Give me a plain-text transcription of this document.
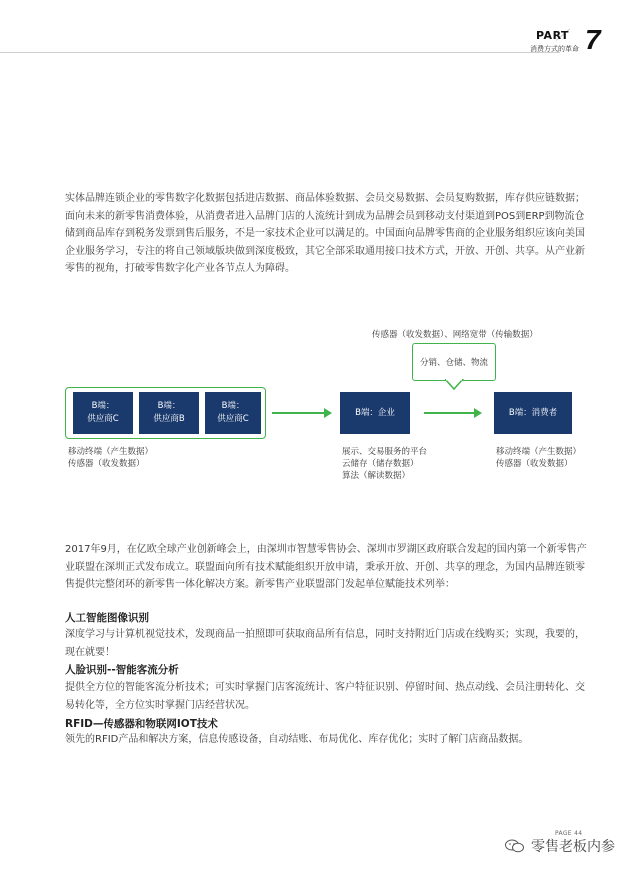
PART
消费方式的革命 7
实体品牌连锁企业的零售数字化数据包括进店数据、商品体验数据、会员交易数据、会员复购数据，库存供应链数据；
面向未来的新零售消费体验，从消费者进入品牌门店的人流统计到成为品牌会员到移动支付渠道到POS到ERP到物流仓
储到商品库存到税务发票到售后服务，不是一家技术企业可以满足的。中国面向品牌零售商的企业服务组织应该向美国
企业服务学习，专注的将自己领域版块做到深度极致，其它全部采取通用接口技术方式，开放、开创、共享。从产业新
零售的视角，打破零售数字化产业各节点人为障碍。
传感器（收发数据）、网络宽带（传输数据）
分销、仓储、物流
B端：
供应商C
B端：
供应商B
B端：
供应商C
B端：企业	B端：消费者
移动终端（产生数据）
传感器（收发数据）
展示、交易服务的平台
云储存（储存数据）
算法（解读数据）
移动终端（产生数据）
传感器（收发数据）
2017年9月，在亿欧全球产业创新峰会上，由深圳市智慧零售协会、深圳市罗湖区政府联合发起的国内第一个新零售产
业联盟在深圳正式发布成立。联盟面向所有技术赋能组织开放申请，秉承开放、开创、共享的理念，为国内品牌连锁零
售提供完整闭环的新零售一体化解决方案。新零售产业联盟部门发起单位赋能技术列举：
人工智能图像识别
深度学习与计算机视觉技术，发现商品一拍照即可获取商品所有信息，同时支持附近门店或在线购买；实现，我要的，
现在就要！
人脸识别--智能客流分析
提供全方位的智能客流分析技术；可实时掌握门店客流统计、客户特征识别、停留时间、热点动线、会员注册转化、交
易转化等，全方位实时掌握门店经营状况。
RFID—传感器和物联网IOT技术
领先的RFID产品和解决方案，信息传感设备，自动结账、布局优化、库存优化；实时了解门店商品数据。
PAGE 44
零售老板内参
